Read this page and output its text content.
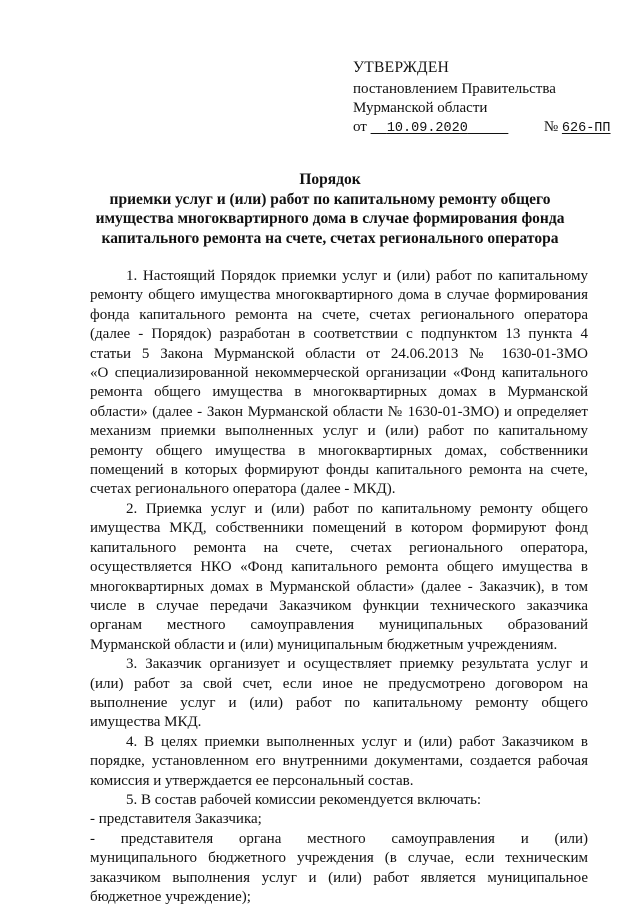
УТВЕРЖДЕН
постановлением Правительства
Мурманской области
от 10.09.2020	№ 626-ПП
Порядок
приемки услуг и (или) работ по капитальному ремонту общего
имущества многоквартирного дома в случае формирования фонда
капитального ремонта на счете, счетах регионального оператора
1. Настоящий Порядок приемки услуг и (или) работ по капитальному
ремонту общего имущества многоквартирного дома в случае формирования
фонда капитального ремонта на счете, счетах регионального оператора
(далее - Порядок) разработан в соответствии с подпунктом 13 пункта 4
статьи 5 Закона Мурманской области от 24.06.2013 № 1630-01-ЗМО
«О специализированной некоммерческой организации «Фонд капитального
ремонта общего имущества в многоквартирных домах в Мурманской
области» (далее - Закон Мурманской области № 1630-01-ЗМО) и определяет
механизм приемки выполненных услуг и (или) работ по капитальному
ремонту общего имущества в многоквартирных домах, собственники
помещений в которых формируют фонды капитального ремонта на счете,
счетах регионального оператора (далее - МКД).
2. Приемка услуг и (или) работ по капитальному ремонту общего
имущества МКД, собственники помещений в котором формируют фонд
капитального ремонта на счете, счетах регионального оператора,
осуществляется НКО «Фонд капитального ремонта общего имущества в
многоквартирных домах в Мурманской области» (далее - Заказчик), в том
числе в случае передачи Заказчиком функции технического заказчика
органам местного самоуправления муниципальных образований
Мурманской области и (или) муниципальным бюджетным учреждениям.
3. Заказчик организует и осуществляет приемку результата услуг и
(или) работ за свой счет, если иное не предусмотрено договором на
выполнение услуг и (или) работ по капитальному ремонту общего
имущества МКД.
4. В целях приемки выполненных услуг и (или) работ Заказчиком в
порядке, установленном его внутренними документами, создается рабочая
комиссия и утверждается ее персональный состав.
5. В состав рабочей комиссии рекомендуется включать:
- представителя Заказчика;
- представителя органа местного самоуправления и (или)
муниципального бюджетного учреждения (в случае, если техническим
заказчиком выполнения услуг и (или) работ является муниципальное
бюджетное учреждение);
